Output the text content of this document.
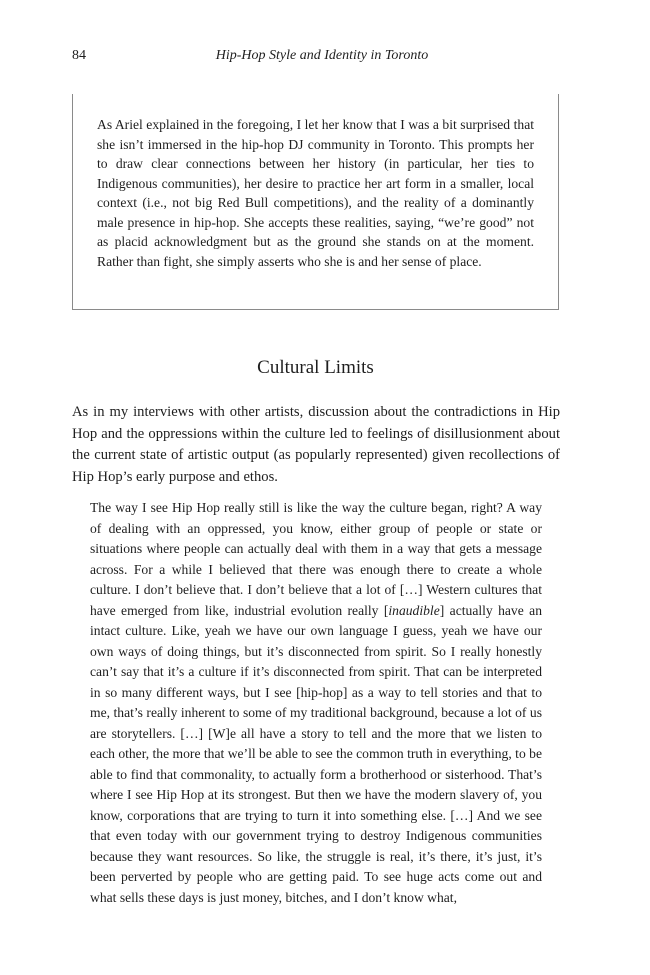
84	Hip-Hop Style and Identity in Toronto

As Ariel explained in the foregoing, I let her know that I was a bit surprised that she isn’t immersed in the hip-hop DJ community in Toronto. This prompts her to draw clear connections between her history (in particular, her ties to Indigenous communities), her desire to practice her art form in a smaller, local context (i.e., not big Red Bull competitions), and the reality of a dominantly male presence in hip-hop. She accepts these realities, saying, “we’re good” not as placid acknowledgment but as the ground she stands on at the moment. Rather than fight, she simply asserts who she is and her sense of place.

Cultural Limits

As in my interviews with other artists, discussion about the contradictions in Hip Hop and the oppressions within the culture led to feelings of disillusionment about the current state of artistic output (as popularly represented) given recollections of Hip Hop’s early purpose and ethos.

The way I see Hip Hop really still is like the way the culture began, right? A way of dealing with an oppressed, you know, either group of people or state or situations where people can actually deal with them in a way that gets a message across. For a while I believed that there was enough there to create a whole culture. I don’t believe that. I don’t believe that a lot of […] Western cultures that have emerged from like, industrial evolution really [inaudible] actually have an intact culture. Like, yeah we have our own language I guess, yeah we have our own ways of doing things, but it’s disconnected from spirit. So I really honestly can’t say that it’s a culture if it’s disconnected from spirit. That can be interpreted in so many different ways, but I see [hip-hop] as a way to tell stories and that to me, that’s really inherent to some of my traditional background, because a lot of us are storytellers. […] [W]e all have a story to tell and the more that we listen to each other, the more that we’ll be able to see the common truth in everything, to be able to find that commonality, to actually form a brotherhood or sisterhood. That’s where I see Hip Hop at its strongest. But then we have the modern slavery of, you know, corporations that are trying to turn it into something else. […] And we see that even today with our government trying to destroy Indigenous communities because they want resources. So like, the struggle is real, it’s there, it’s just, it’s been perverted by people who are getting paid. To see huge acts come out and what sells these days is just money, bitches, and I don’t know what,
